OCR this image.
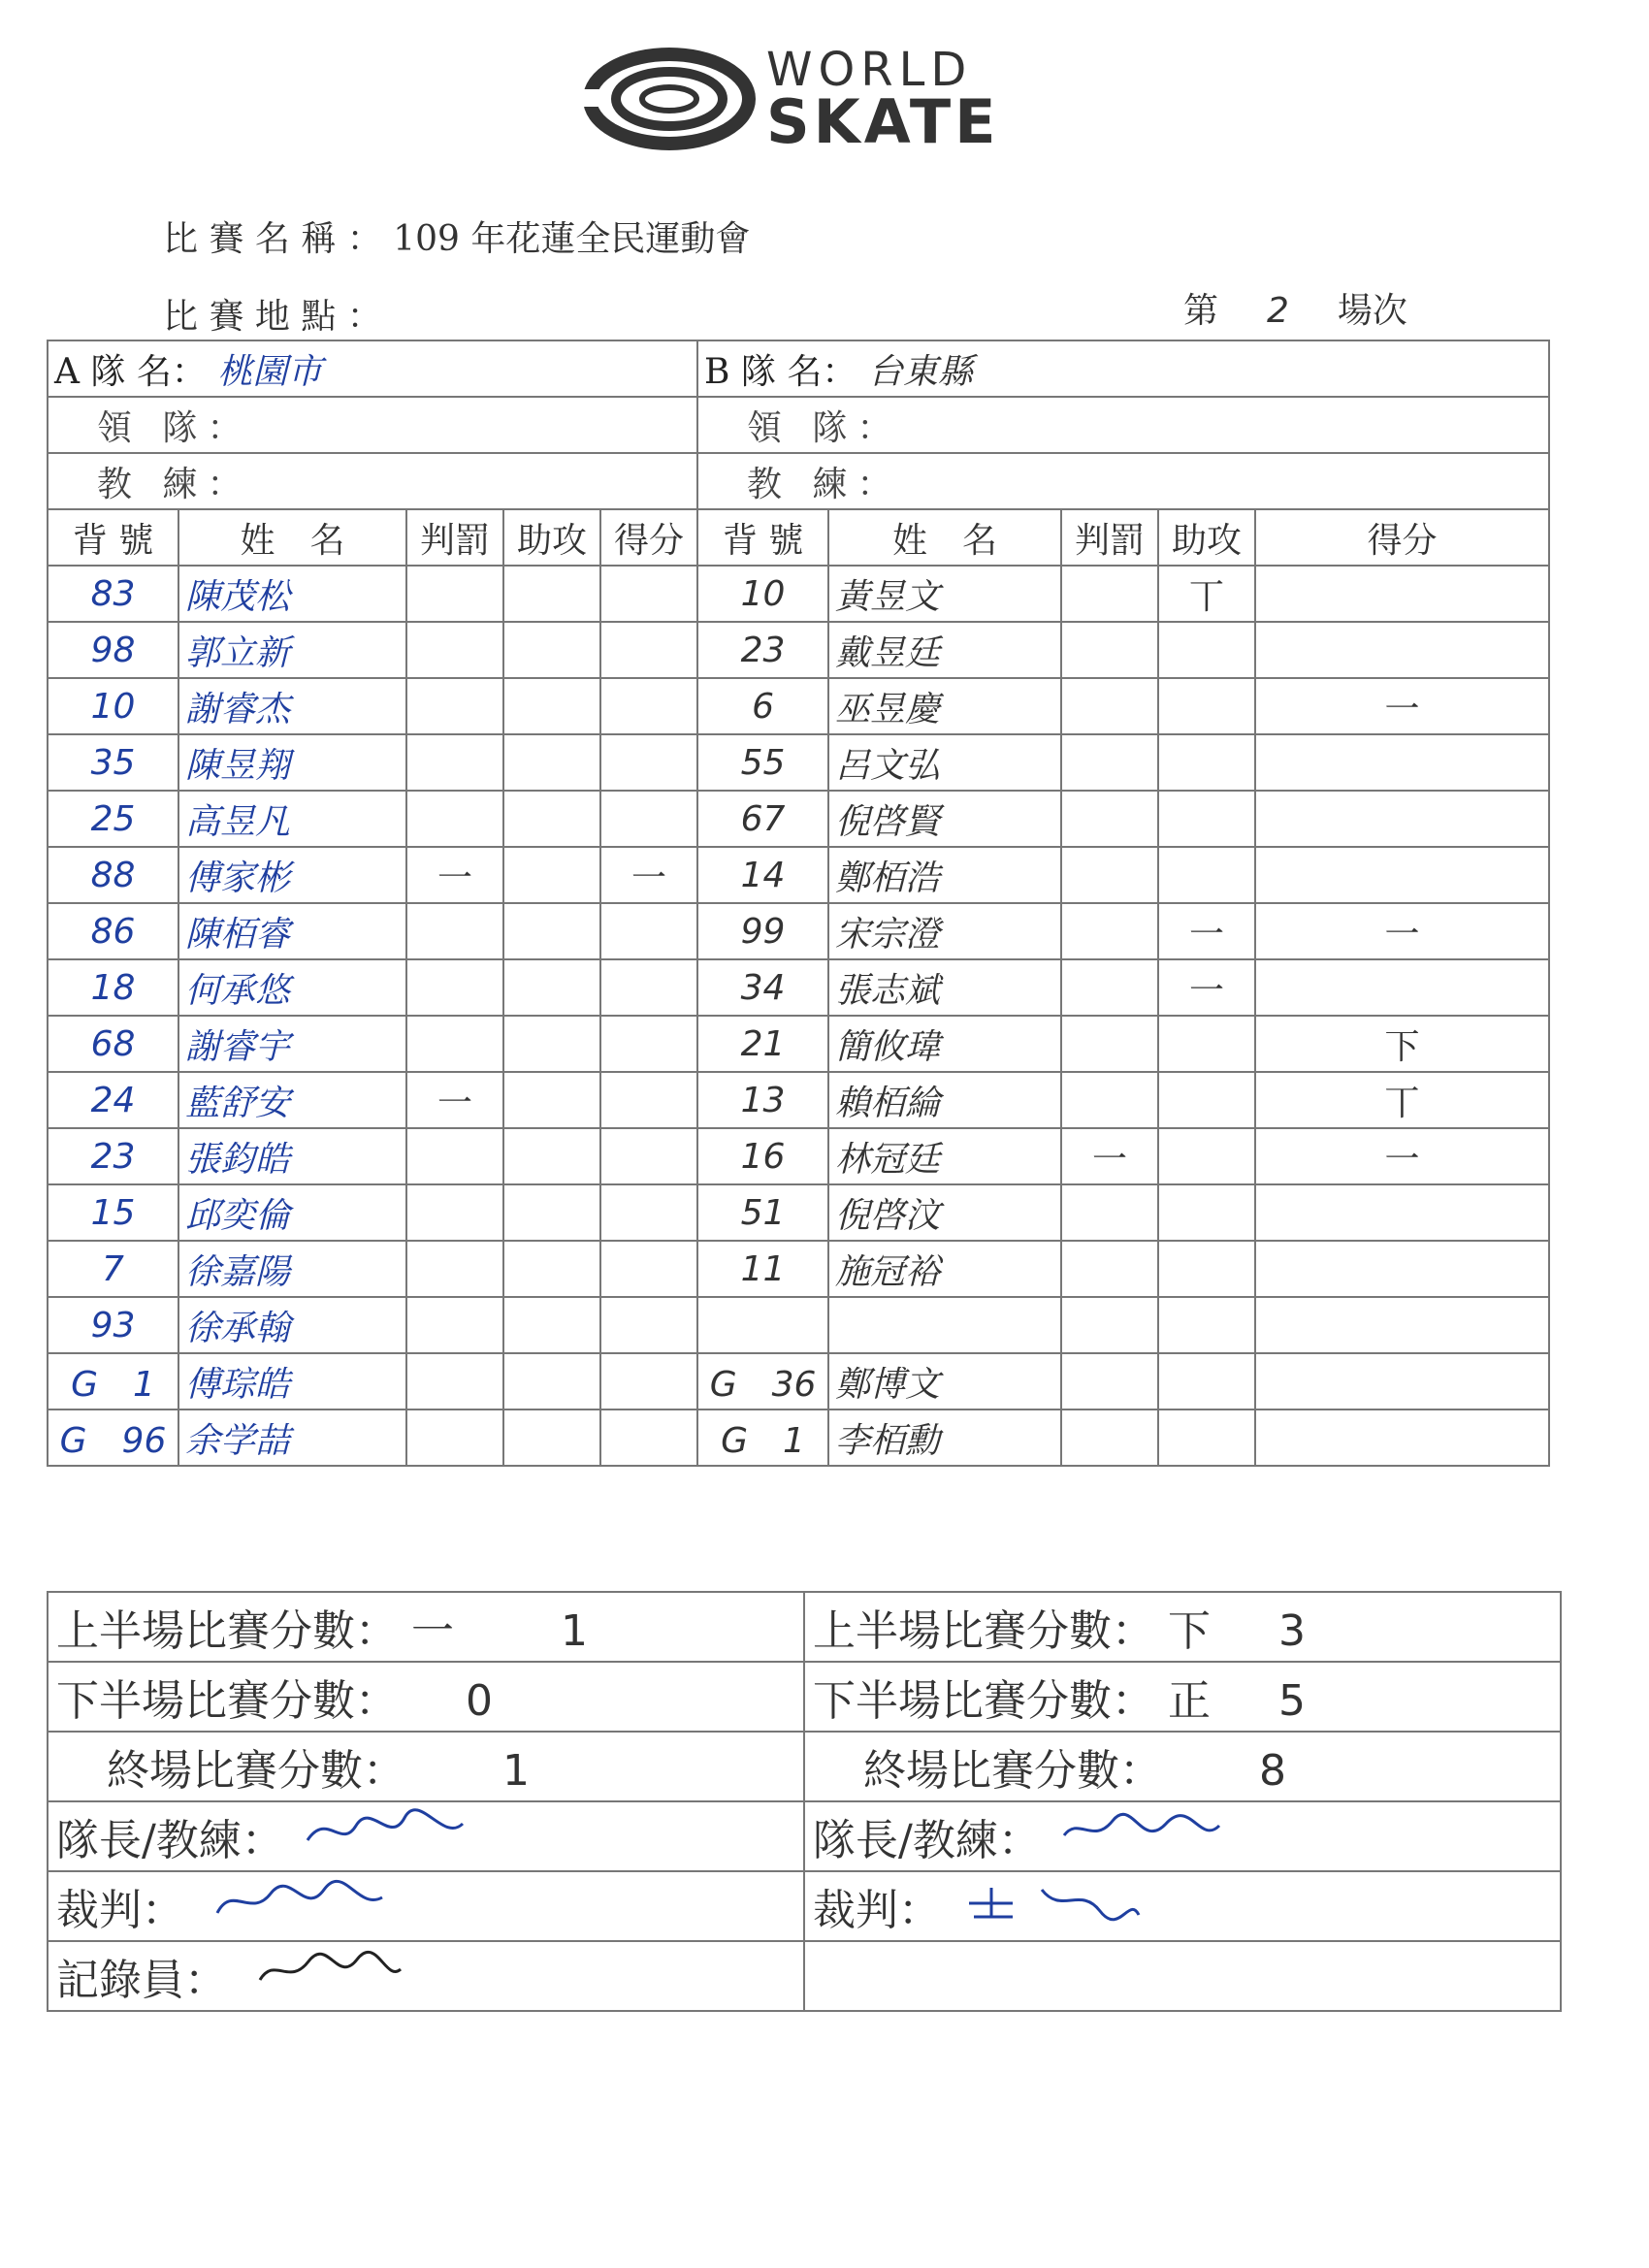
WORLD
SKATE
比 賽 名 稱 ： 109 年花蓮全民運動會
比 賽 地 點 ：	第 2 場次
A 隊 名： 桃園市					B 隊 名： 台東縣				
領 隊：					領 隊：				
教 練：					教 練：				
背 號	姓　名	判罰	助攻	得分	背 號	姓　名	判罰	助攻	得分
83	陳茂松				10	黃昱文		丅	
98	郭立新				23	戴昱廷			
10	謝睿杰				6	巫昱慶			一
35	陳昱翔				55	呂文弘			
25	高昱凡				67	倪啓賢			
88	傅家彬	一		一	14	鄭栢浩			
86	陳栢睿				99	宋宗澄		一	一
18	何承悠				34	張志斌		一	
68	謝睿宇				21	簡攸瑋			下
24	藍舒安	一			13	賴栢綸			丅
23	張鈞皓				16	林冠廷	一		一
15	邱奕倫				51	倪啓汶			
7	徐嘉陽				11	施冠裕			
93	徐承翰								
G　1	傅琮皓				G　36	鄭博文			
G　96	余学喆				G　1	李栢勳			
上半場比賽分數： 一 1	上半場比賽分數： 下 3
下半場比賽分數： 0	下半場比賽分數： 正 5
終場比賽分數： 1	終場比賽分數： 8
隊長/教練：	隊長/教練：
裁判：	裁判：
記錄員：	
